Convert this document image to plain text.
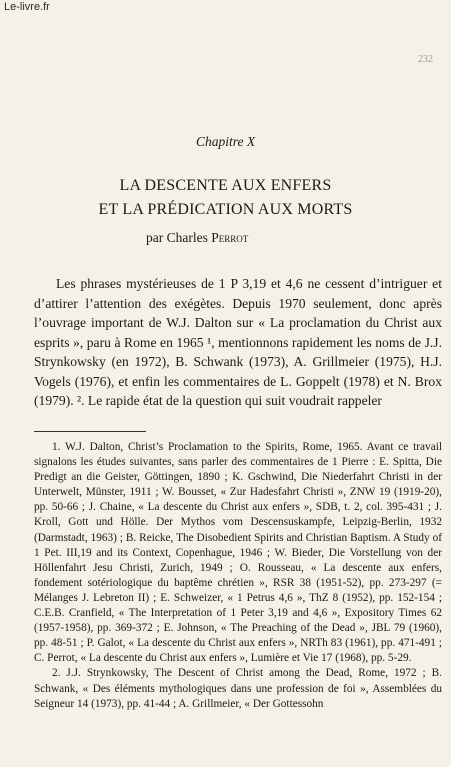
Le-livre.fr
232
Chapitre X
LA DESCENTE AUX ENFERS
ET LA PRÉDICATION AUX MORTS
par Charles Perrot

Les phrases mystérieuses de 1 P 3,19 et 4,6 ne cessent d’intriguer et d’attirer l’attention des exégètes. Depuis 1970 seulement, donc après l’ouvrage important de W.J. Dalton sur « La proclamation du Christ aux esprits », paru à Rome en 1965 ¹, mentionnons rapidement les noms de J.J. Strynkowsky (en 1972), B. Schwank (1973), A. Grillmeier (1975), H.J. Vogels (1976), et enfin les commentaires de L. Goppelt (1978) et N. Brox (1979). ². Le rapide état de la question qui suit voudrait rappeler

1. W.J. Dalton, Christ’s Proclamation to the Spirits, Rome, 1965. Avant ce travail signalons les études suivantes, sans parler des commentaires de 1 Pierre : E. Spitta, Die Predigt an die Geister, Göttingen, 1890 ; K. Gschwind, Die Niederfahrt Christi in der Unterwelt, Münster, 1911 ; W. Bousset, « Zur Hadesfahrt Christi », ZNW 19 (1919-20), pp. 50-66 ; J. Chaine, « La descente du Christ aux enfers », SDB, t. 2, col. 395-431 ; J. Kroll, Gott und Hölle. Der Mythos vom Descensuskampfe, Leipzig-Berlin, 1932 (Darmstadt, 1963) ; B. Reicke, The Disobedient Spirits and Christian Baptism. A Study of 1 Pet. III,19 and its Context, Copenhague, 1946 ; W. Bieder, Die Vorstellung von der Höllenfahrt Jesu Christi, Zurich, 1949 ; O. Rousseau, « La descente aux enfers, fondement sotériologique du baptême chrétien », RSR 38 (1951-52), pp. 273-297 (= Mélanges J. Lebreton II) ; E. Schweizer, « 1 Petrus 4,6 », ThZ 8 (1952), pp. 152-154 ; C.E.B. Cranfield, « The Interpretation of 1 Peter 3,19 and 4,6 », Expository Times 62 (1957-1958), pp. 369-372 ; E. Johnson, « The Preaching of the Dead », JBL 79 (1960), pp. 48-51 ; P. Galot, « La descente du Christ aux enfers », NRTh 83 (1961), pp. 471-491 ; C. Perrot, « La descente du Christ aux enfers », Lumière et Vie 17 (1968), pp. 5-29.

2. J.J. Strynkowsky, The Descent of Christ among the Dead, Rome, 1972 ; B. Schwank, « Des éléments mythologiques dans une profession de foi », Assemblées du Seigneur 14 (1973), pp. 41-44 ; A. Grillmeier, « Der Gottessohn
